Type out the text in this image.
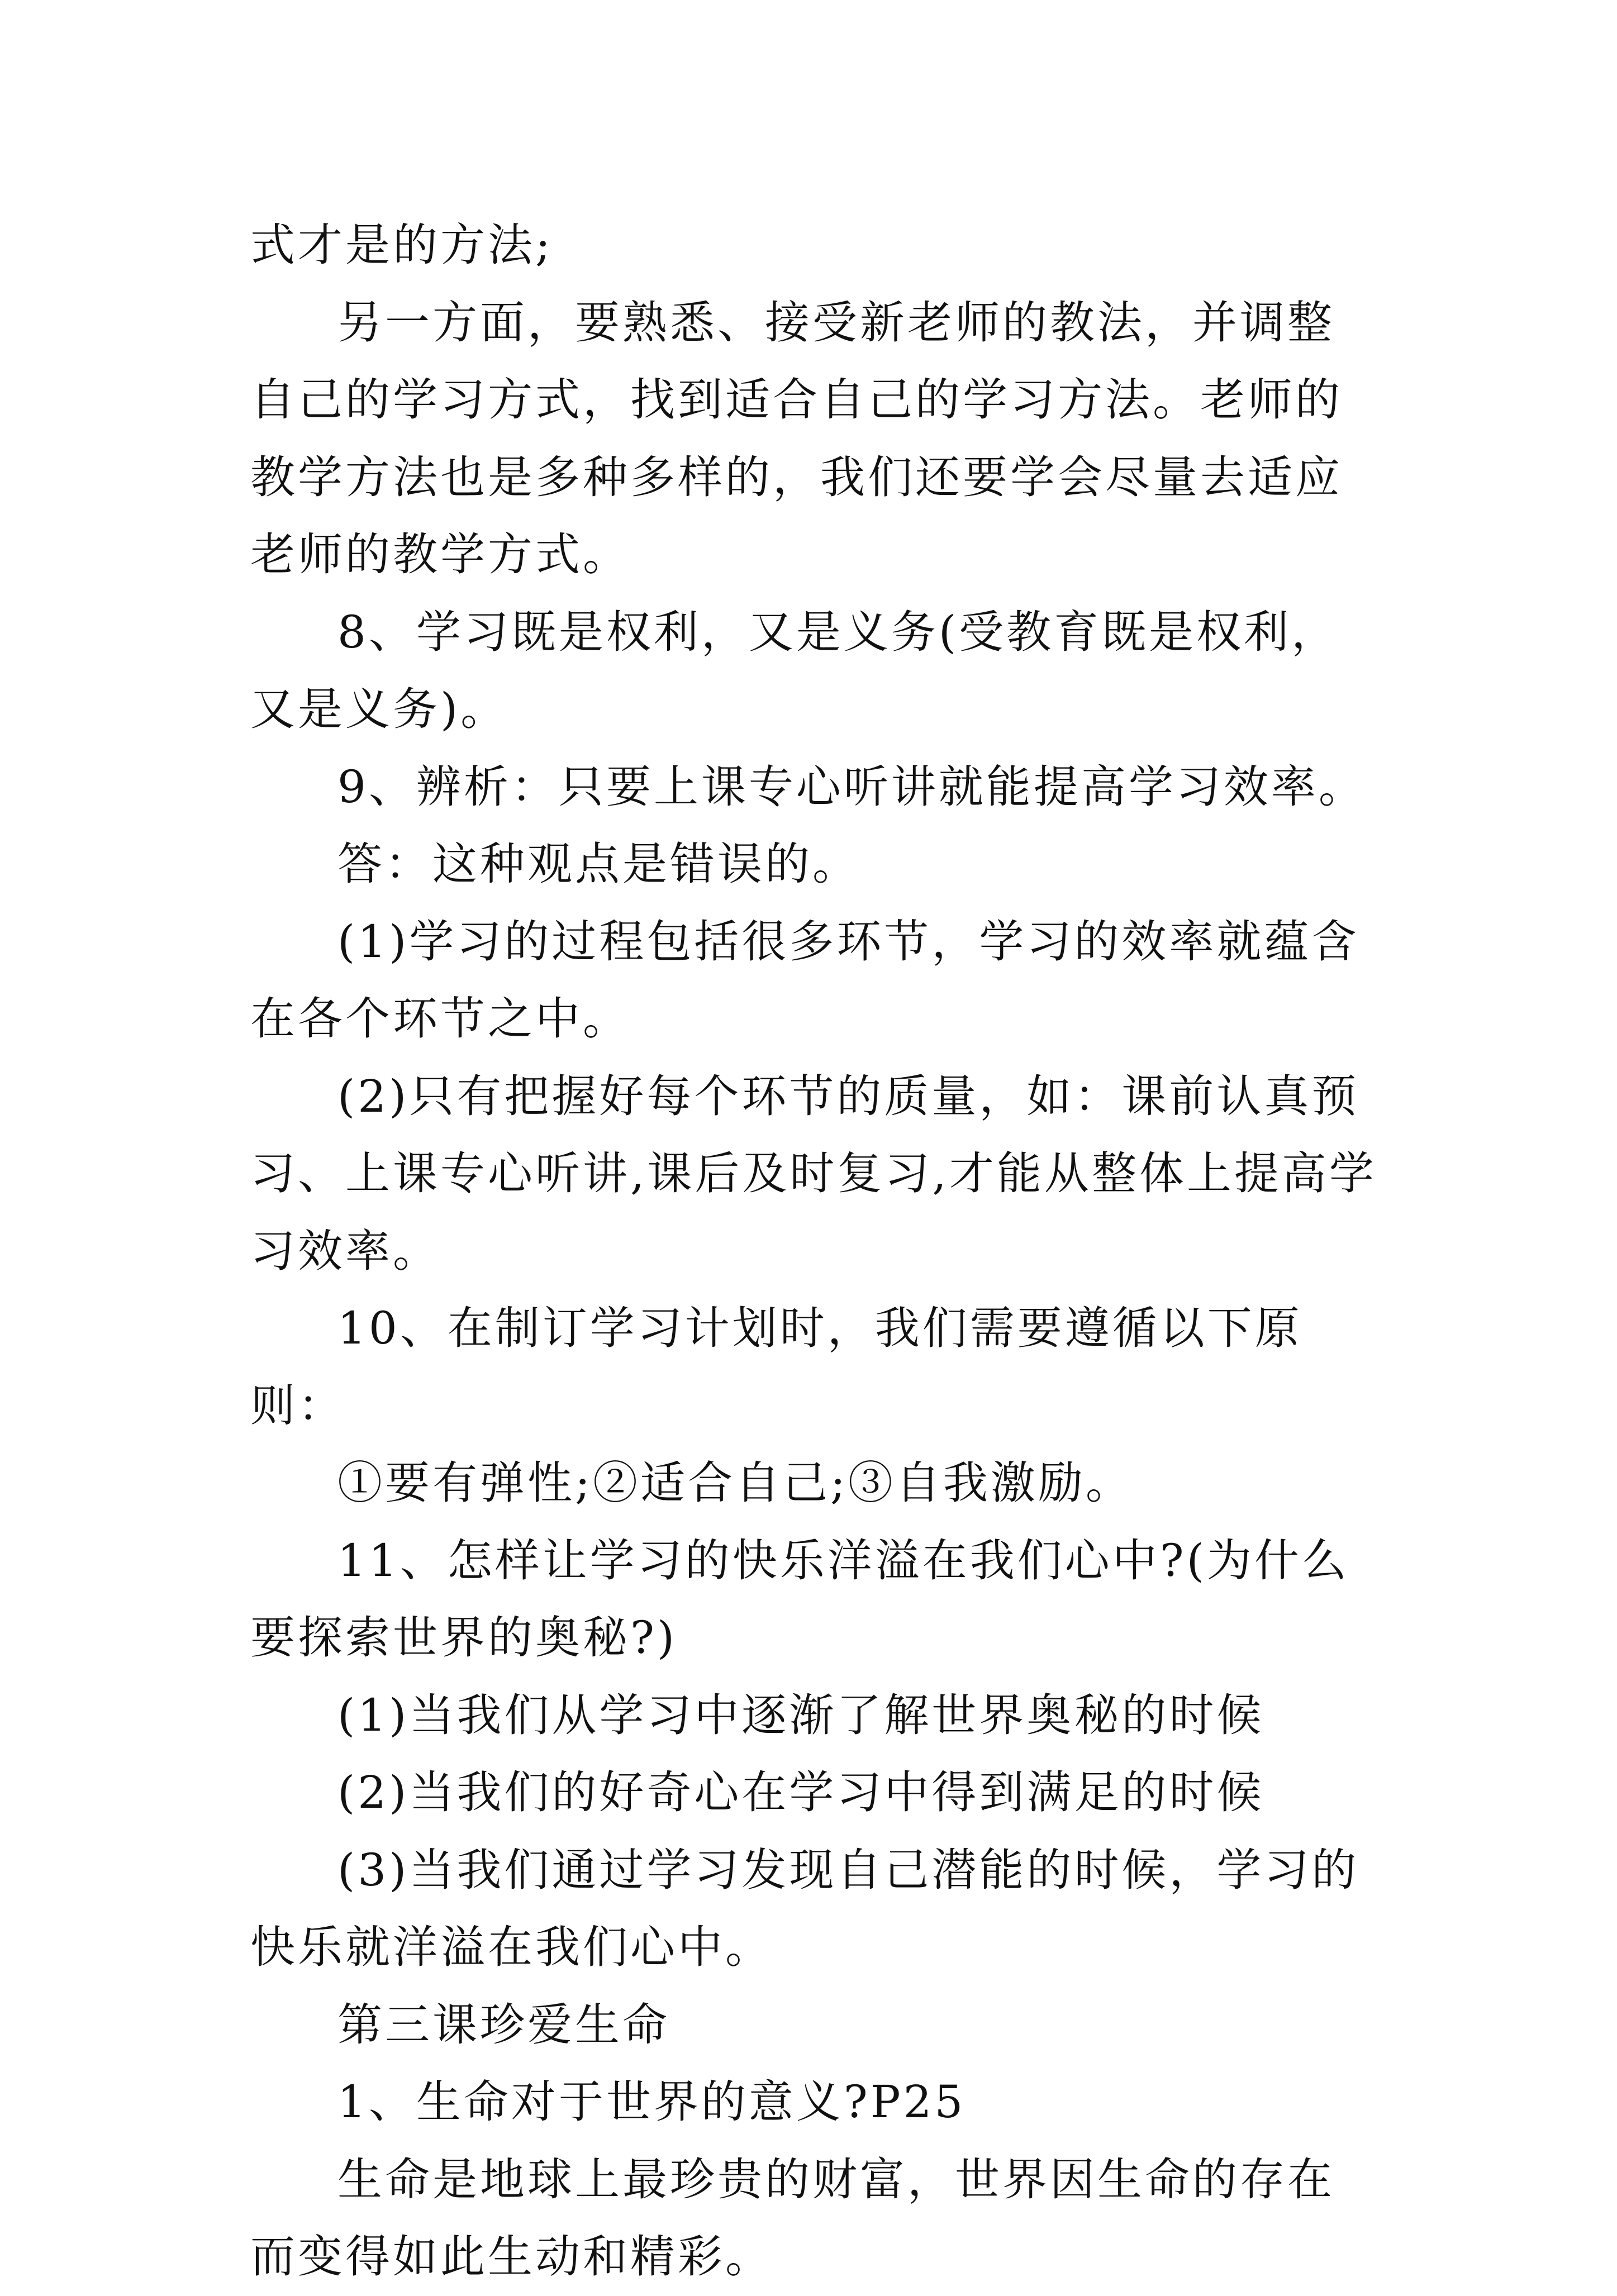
式才是的方法;

另一方面，要熟悉、接受新老师的教法，并调整自己的学习方式，找到适合自己的学习方法。老师的教学方法也是多种多样的，我们还要学会尽量去适应老师的教学方式。

8、学习既是权利，又是义务(受教育既是权利，又是义务)。

9、辨析：只要上课专心听讲就能提高学习效率。

答：这种观点是错误的。

(1)学习的过程包括很多环节，学习的效率就蕴含在各个环节之中。

(2)只有把握好每个环节的质量，如：课前认真预习、上课专心听讲,课后及时复习,才能从整体上提高学习效率。

10、在制订学习计划时，我们需要遵循以下原则：

①要有弹性;②适合自己;③自我激励。

11、怎样让学习的快乐洋溢在我们心中?(为什么要探索世界的奥秘?)

(1)当我们从学习中逐渐了解世界奥秘的时候

(2)当我们的好奇心在学习中得到满足的时候

(3)当我们通过学习发现自己潜能的时候，学习的快乐就洋溢在我们心中。

第三课珍爱生命

1、生命对于世界的意义?P25

生命是地球上最珍贵的财富，世界因生命的存在而变得如此生动和精彩。
